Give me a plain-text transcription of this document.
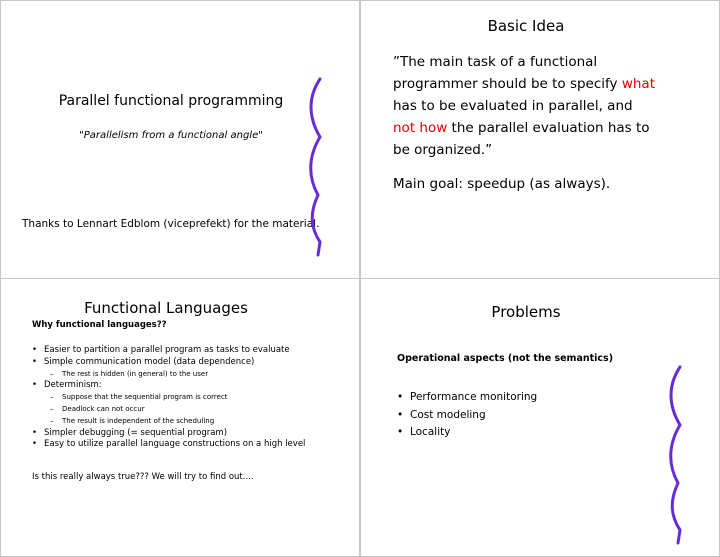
Parallel functional programming
"Parallelism from a functional angle"
Thanks to Lennart Edblom (viceprefekt) for the material.
Basic Idea
”The main task of a functional programmer should be to specify what has to be evaluated in parallel, and not how the parallel evaluation has to be organized.”
Main goal: speedup (as always).
Functional Languages
Why functional languages??
• Easier to partition a parallel program as tasks to evaluate
• Simple communication model (data dependence)
– The rest is hidden (in general) to the user
• Determinism:
– Suppose that the sequential program is correct
– Deadlock can not occur
– The result is independent of the scheduling
• Simpler debugging (= sequential program)
• Easy to utilize parallel language constructions on a high level
Is this really always true??? We will try to find out....
Problems
Operational aspects (not the semantics)
• Performance monitoring
• Cost modeling
• Locality
